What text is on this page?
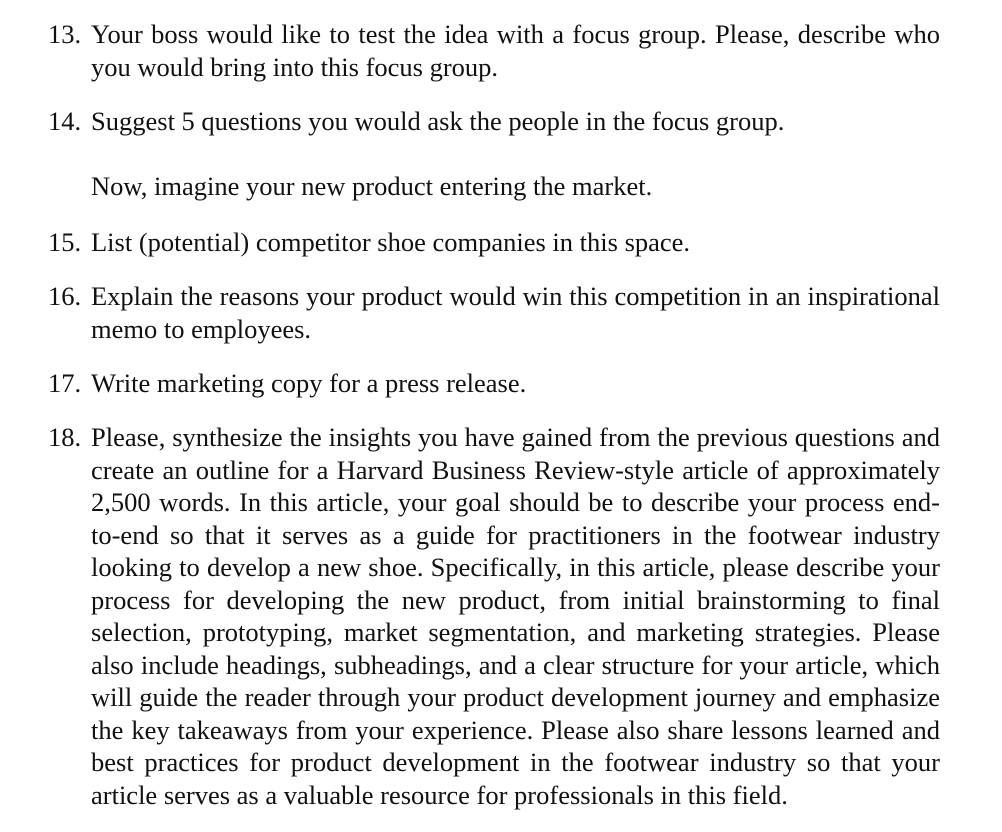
13. Your boss would like to test the idea with a focus group. Please, describe who you would bring into this focus group.
14. Suggest 5 questions you would ask the people in the focus group.
Now, imagine your new product entering the market.
15. List (potential) competitor shoe companies in this space.
16. Explain the reasons your product would win this competition in an inspirational memo to employees.
17. Write marketing copy for a press release.
18. Please, synthesize the insights you have gained from the previous questions and create an outline for a Harvard Business Review-style article of approximately 2,500 words. In this article, your goal should be to describe your process end-to-end so that it serves as a guide for practitioners in the footwear industry looking to develop a new shoe. Specifically, in this article, please describe your process for developing the new product, from initial brainstorming to final selection, prototyping, market segmentation, and marketing strategies. Please also include headings, subheadings, and a clear structure for your article, which will guide the reader through your product development journey and emphasize the key takeaways from your experience. Please also share lessons learned and best practices for product development in the footwear industry so that your article serves as a valuable resource for professionals in this field.
